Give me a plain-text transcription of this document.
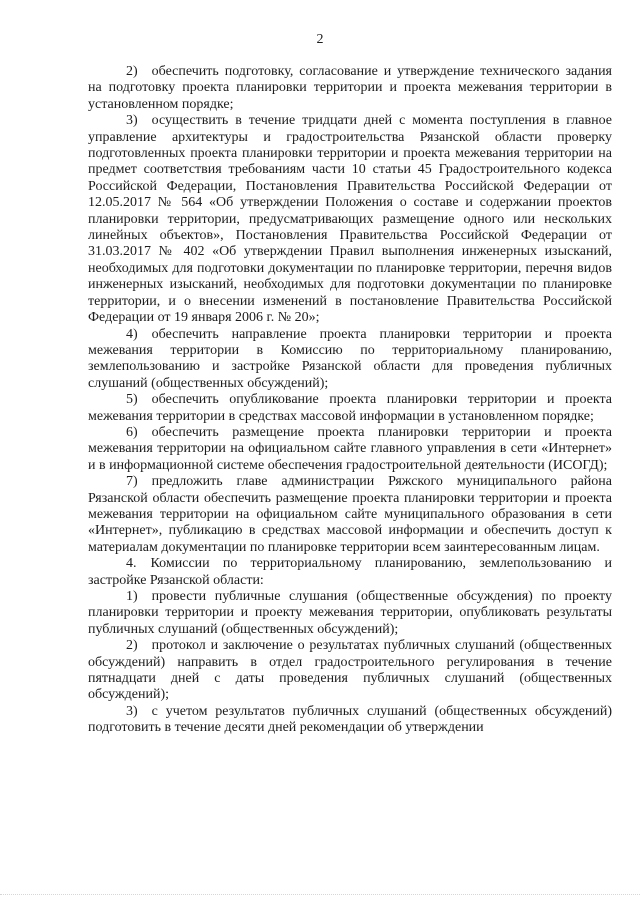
2

2) обеспечить подготовку, согласование и утверждение технического задания на подготовку проекта планировки территории и проекта межевания территории в установленном порядке;

3) осуществить в течение тридцати дней с момента поступления в главное управление архитектуры и градостроительства Рязанской области проверку подготовленных проекта планировки территории и проекта межевания территории на предмет соответствия требованиям части 10 статьи 45 Градостроительного кодекса Российской Федерации, Постановления Правительства Российской Федерации от 12.05.2017 № 564 «Об утверждении Положения о составе и содержании проектов планировки территории, предусматривающих размещение одного или нескольких линейных объектов», Постановления Правительства Российской Федерации от 31.03.2017 № 402 «Об утверждении Правил выполнения инженерных изысканий, необходимых для подготовки документации по планировке территории, перечня видов инженерных изысканий, необходимых для подготовки документации по планировке территории, и о внесении изменений в постановление Правительства Российской Федерации от 19 января 2006 г. № 20»;

4) обеспечить направление проекта планировки территории и проекта межевания территории в Комиссию по территориальному планированию, землепользованию и застройке Рязанской области для проведения публичных слушаний (общественных обсуждений);

5) обеспечить опубликование проекта планировки территории и проекта межевания территории в средствах массовой информации в установленном порядке;

6) обеспечить размещение проекта планировки территории и проекта межевания территории на официальном сайте главного управления в сети «Интернет» и в информационной системе обеспечения градостроительной деятельности (ИСОГД);

7) предложить главе администрации Ряжского муниципального района Рязанской области обеспечить размещение проекта планировки территории и проекта межевания территории на официальном сайте муниципального образования в сети «Интернет», публикацию в средствах массовой информации и обеспечить доступ к материалам документации по планировке территории всем заинтересованным лицам.

4. Комиссии по территориальному планированию, землепользованию и застройке Рязанской области:

1) провести публичные слушания (общественные обсуждения) по проекту планировки территории и проекту межевания территории, опубликовать результаты публичных слушаний (общественных обсуждений);

2) протокол и заключение о результатах публичных слушаний (общественных обсуждений) направить в отдел градостроительного регулирования в течение пятнадцати дней с даты проведения публичных слушаний (общественных обсуждений);

3) с учетом результатов публичных слушаний (общественных обсуждений) подготовить в течение десяти дней рекомендации об утверждении
